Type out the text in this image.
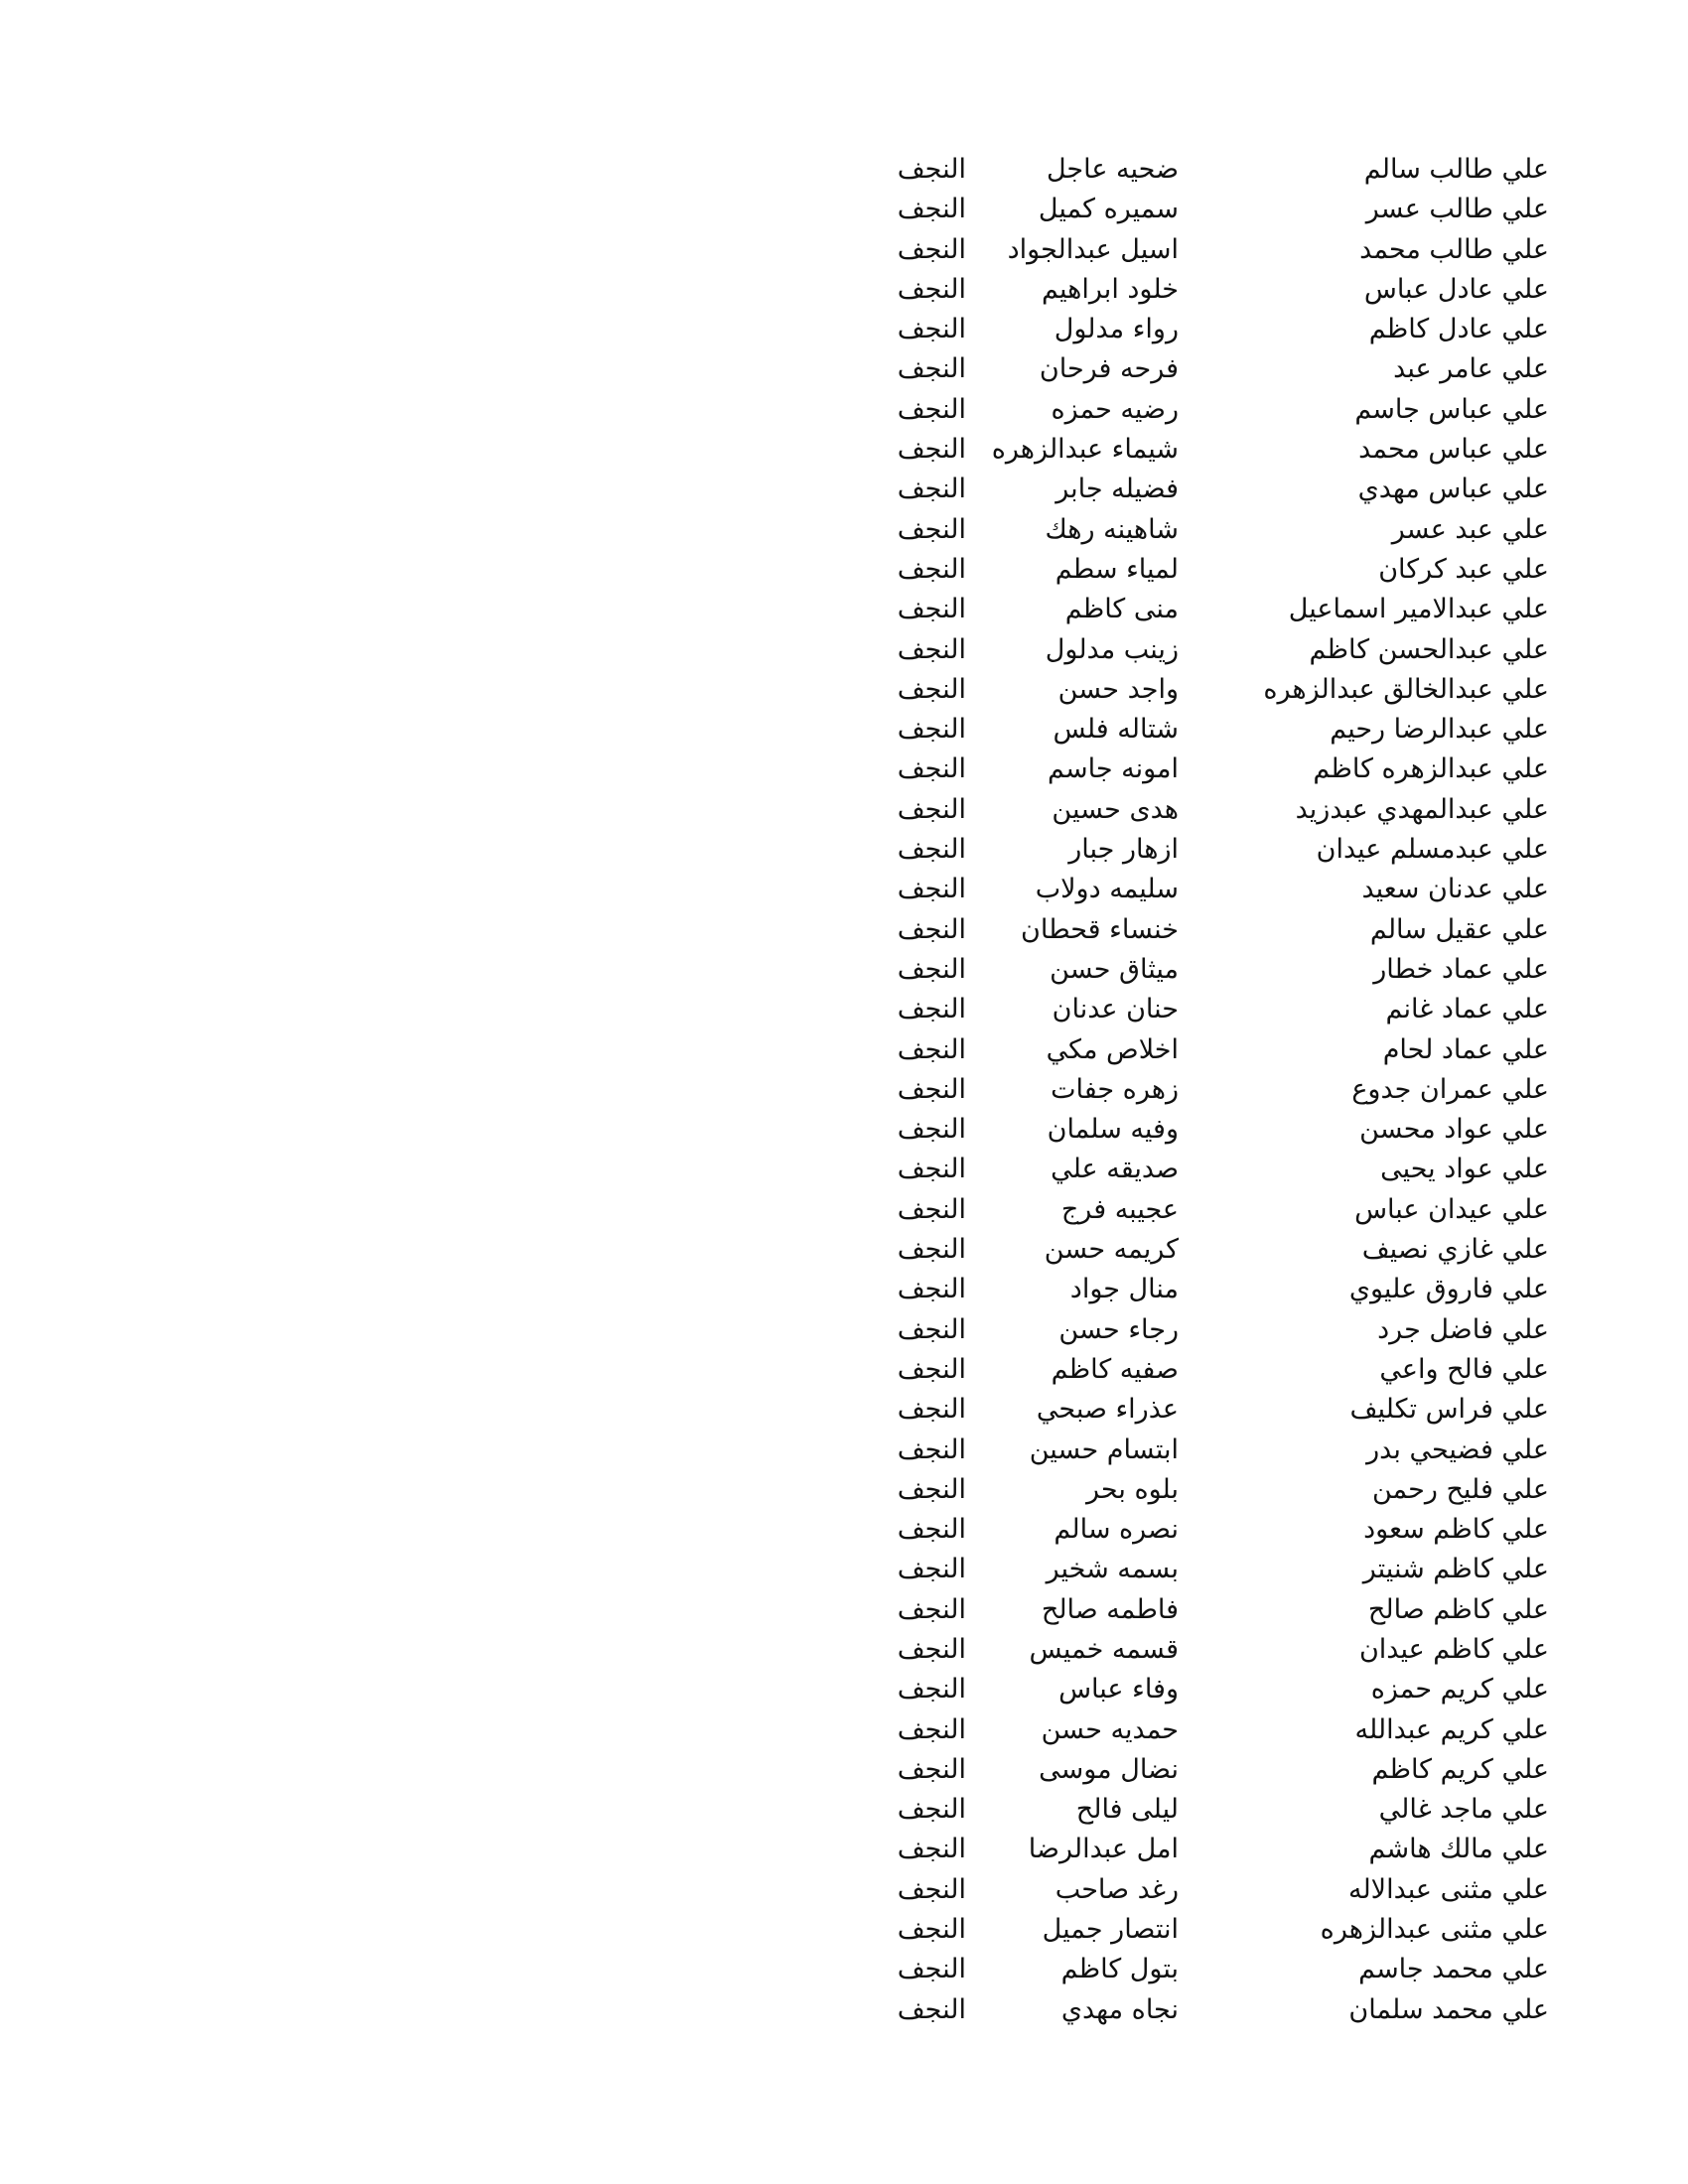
علي طالب سالم
ضحيه عاجل
النجف
علي طالب عسر
سميره كميل
النجف
علي طالب محمد
اسيل عبدالجواد
النجف
علي عادل عباس
خلود ابراهيم
النجف
علي عادل كاظم
رواء مدلول
النجف
علي عامر عبد
فرحه فرحان
النجف
علي عباس جاسم
رضيه حمزه
النجف
علي عباس محمد
شيماء عبدالزهره
النجف
علي عباس مهدي
فضيله جابر
النجف
علي عبد عسر
شاهينه رهك
النجف
علي عبد كركان
لمياء سطم
النجف
علي عبدالامير اسماعيل
منى كاظم
النجف
علي عبدالحسن كاظم
زينب مدلول
النجف
علي عبدالخالق عبدالزهره
واجد حسن
النجف
علي عبدالرضا رحيم
شتاله فلس
النجف
علي عبدالزهره كاظم
امونه جاسم
النجف
علي عبدالمهدي عبدزيد
هدى حسين
النجف
علي عبدمسلم عيدان
ازهار جبار
النجف
علي عدنان سعيد
سليمه دولاب
النجف
علي عقيل سالم
خنساء قحطان
النجف
علي عماد خطار
ميثاق حسن
النجف
علي عماد غانم
حنان عدنان
النجف
علي عماد لحام
اخلاص مكي
النجف
علي عمران جدوع
زهره جفات
النجف
علي عواد محسن
وفيه سلمان
النجف
علي عواد يحيى
صديقه علي
النجف
علي عيدان عباس
عجيبه فرج
النجف
علي غازي نصيف
كريمه حسن
النجف
علي فاروق عليوي
منال جواد
النجف
علي فاضل جرد
رجاء حسن
النجف
علي فالح واعي
صفيه كاظم
النجف
علي فراس تكليف
عذراء صبحي
النجف
علي فضيحي بدر
ابتسام حسين
النجف
علي فليح رحمن
بلوه بحر
النجف
علي كاظم سعود
نصره سالم
النجف
علي كاظم شنيتر
بسمه شخير
النجف
علي كاظم صالح
فاطمه صالح
النجف
علي كاظم عيدان
قسمه خميس
النجف
علي كريم حمزه
وفاء عباس
النجف
علي كريم عبدالله
حمديه حسن
النجف
علي كريم كاظم
نضال موسى
النجف
علي ماجد غالي
ليلى فالح
النجف
علي مالك هاشم
امل عبدالرضا
النجف
علي مثنى عبدالاله
رغد صاحب
النجف
علي مثنى عبدالزهره
انتصار جميل
النجف
علي محمد جاسم
بتول كاظم
النجف
علي محمد سلمان
نجاه مهدي
النجف
